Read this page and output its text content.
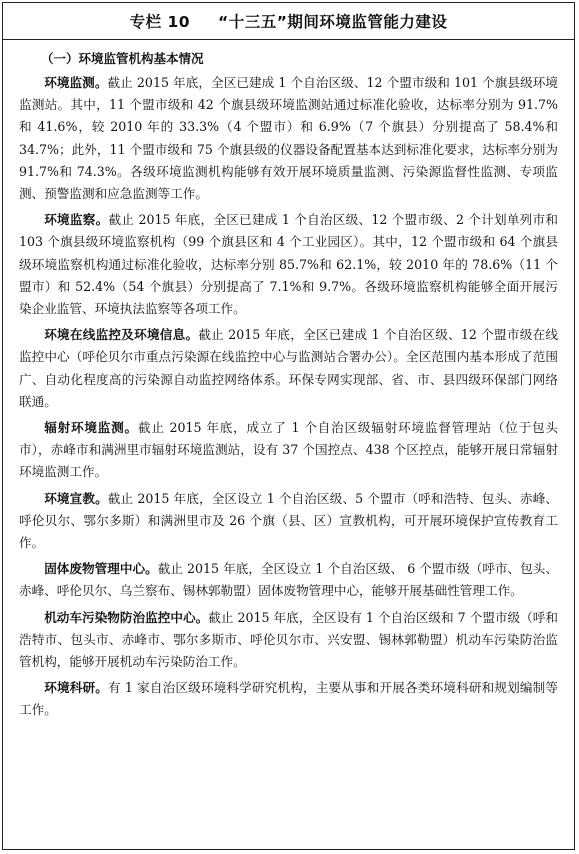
专栏 10 “十三五”期间环境监管能力建设
（一）环境监管机构基本情况

环境监测。截止 2015 年底，全区已建成 1 个自治区级、12 个盟市级和 101 个旗县级环境监测站。其中，11 个盟市级和 42 个旗县级环境监测站通过标准化验收，达标率分别为 91.7%和 41.6%，较 2010 年的 33.3%（4 个盟市）和 6.9%（7 个旗县）分别提高了 58.4%和 34.7%；此外，11 个盟市级和 75 个旗县级的仪器设备配置基本达到标准化要求，达标率分别为 91.7%和 74.3%。各级环境监测机构能够有效开展环境质量监测、污染源监督性监测、专项监测、预警监测和应急监测等工作。

环境监察。截止 2015 年底，全区已建成 1 个自治区级、12 个盟市级、2 个计划单列市和 103 个旗县级环境监察机构（99 个旗县区和 4 个工业园区）。其中，12 个盟市级和 64 个旗县级环境监察机构通过标准化验收，达标率分别 85.7%和 62.1%，较 2010 年的 78.6%（11 个盟市）和 52.4%（54 个旗县）分别提高了 7.1%和 9.7%。各级环境监察机构能够全面开展污染企业监管、环境执法监察等各项工作。

环境在线监控及环境信息。截止 2015 年底，全区已建成 1 个自治区级、12 个盟市级在线监控中心（呼伦贝尔市重点污染源在线监控中心与监测站合署办公）。全区范围内基本形成了范围广、自动化程度高的污染源自动监控网络体系。环保专网实现部、省、市、县四级环保部门网络联通。

辐射环境监测。截止 2015 年底，成立了 1 个自治区级辐射环境监督管理站（位于包头市），赤峰市和满洲里市辐射环境监测站，设有 37 个国控点、438 个区控点，能够开展日常辐射环境监测工作。

环境宣教。截止 2015 年底，全区设立 1 个自治区级、5 个盟市（呼和浩特、包头、赤峰、呼伦贝尔、鄂尔多斯）和满洲里市及 26 个旗（县、区）宣教机构，可开展环境保护宣传教育工作。

固体废物管理中心。截止 2015 年底，全区设立 1 个自治区级、 6 个盟市级（呼市、包头、赤峰、呼伦贝尔、乌兰察布、锡林郭勒盟）固体废物管理中心，能够开展基础性管理工作。

机动车污染物防治监控中心。截止 2015 年底，全区设有 1 个自治区级和 7 个盟市级（呼和浩特市、包头市、赤峰市、鄂尔多斯市、呼伦贝尔市、兴安盟、锡林郭勒盟）机动车污染防治监管机构，能够开展机动车污染防治工作。

环境科研。有 1 家自治区级环境科学研究机构，主要从事和开展各类环境科研和规划编制等工作。
